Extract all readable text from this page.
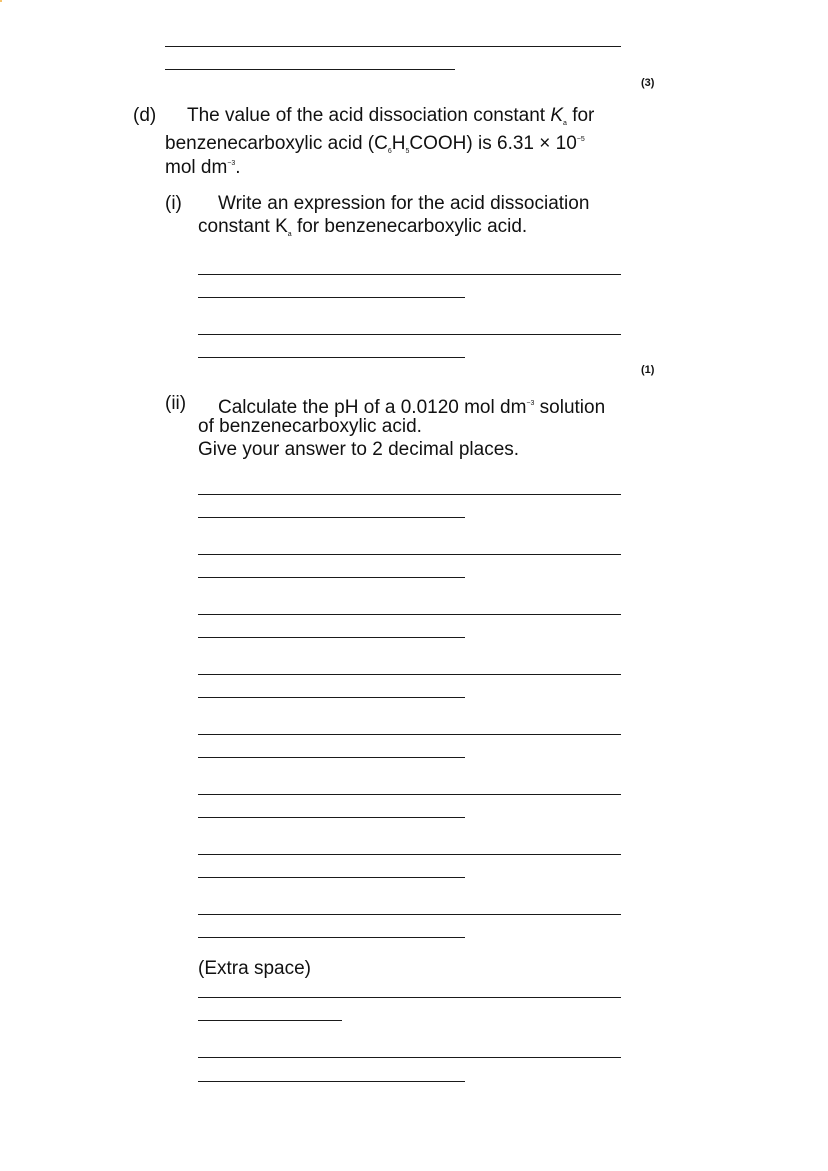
(3)
(d) The value of the acid dissociation constant $K_a$ for
benzenecarboxylic acid $(C_6H_5COOH)$ is $6.31 \times 10^{-5}$
mol $dm^{-3}$.
(i) Write an expression for the acid dissociation
constant $K_a$ for benzenecarboxylic acid.
(1)
(ii) Calculate the pH of a 0.0120 mol $dm^{-3}$ solution
of benzenecarboxylic acid.
Give your answer to 2 decimal places.
(Extra space)
